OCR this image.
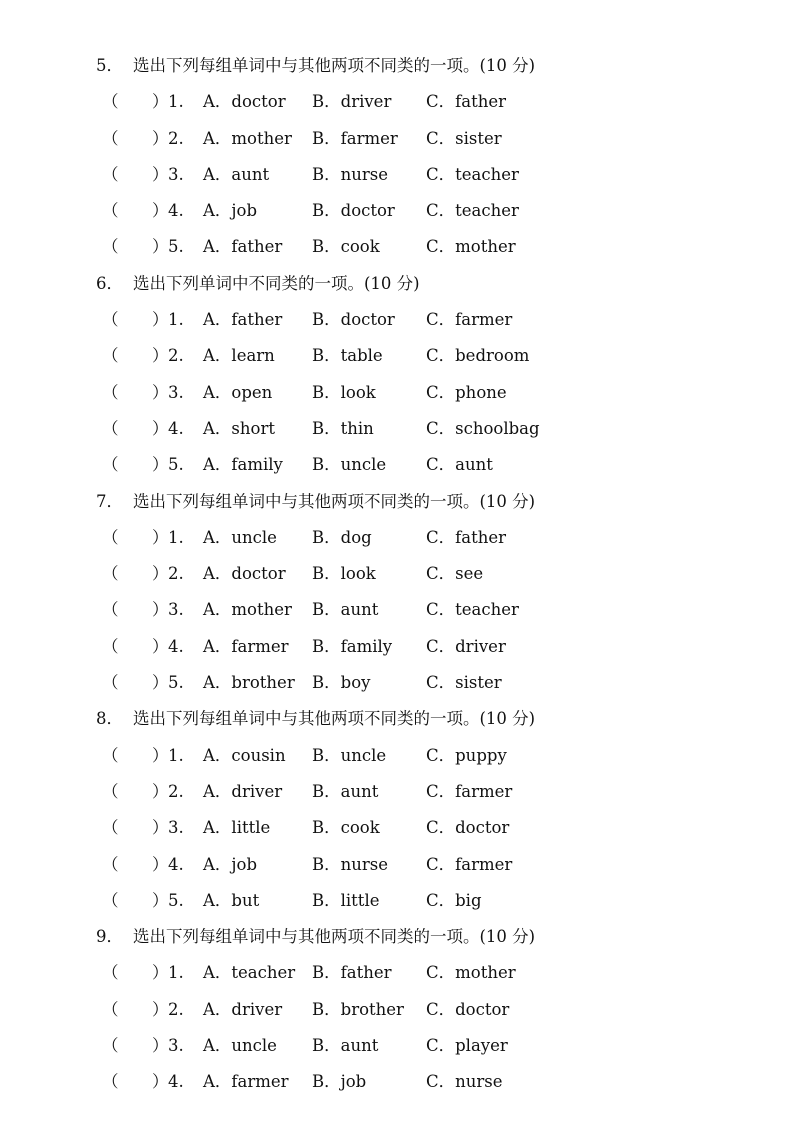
5． 选出下列每组单词中与其他两项不同类的一项。(10 分)
（ ） 1. A．doctor B．driver C．father
（ ） 2. A．mother B．farmer C．sister
（ ） 3. A．aunt	B．nurse C．teacher
（ ） 4. A．job	B．doctor C．teacher
（ ） 5. A．father B．cook	C．mother
6． 选出下列单词中不同类的一项。(10 分)
（ ） 1. A．father B．doctor C．farmer
（ ） 2. A．learn B．table	C．bedroom
（ ） 3. A．open B．look	C．phone
（ ） 4. A．short B．thin	C．schoolbag
（ ） 5. A．family B．uncle C．aunt
7． 选出下列每组单词中与其他两项不同类的一项。(10 分)
（ ） 1. A．uncle B．dog	C．father
（ ） 2. A．doctor B．look	C．see
（ ） 3. A．mother B．aunt	C．teacher
（ ） 4. A．farmer B．family C．driver
（ ） 5. A．brother B．boy	C．sister
8． 选出下列每组单词中与其他两项不同类的一项。(10 分)
（ ） 1. A．cousin B．uncle C．puppy
（ ） 2. A．driver B．aunt	C．farmer
（ ） 3. A．little	B．cook	C．doctor
（ ） 4. A．job	B．nurse C．farmer
（ ） 5. A．but	B．little	C．big
9． 选出下列每组单词中与其他两项不同类的一项。(10 分)
（ ） 1. A．teacher B．father C．mother
（ ） 2. A．driver B．brother C．doctor
（ ） 3. A．uncle B．aunt	C．player
（ ） 4. A．farmer B．job	C．nurse
